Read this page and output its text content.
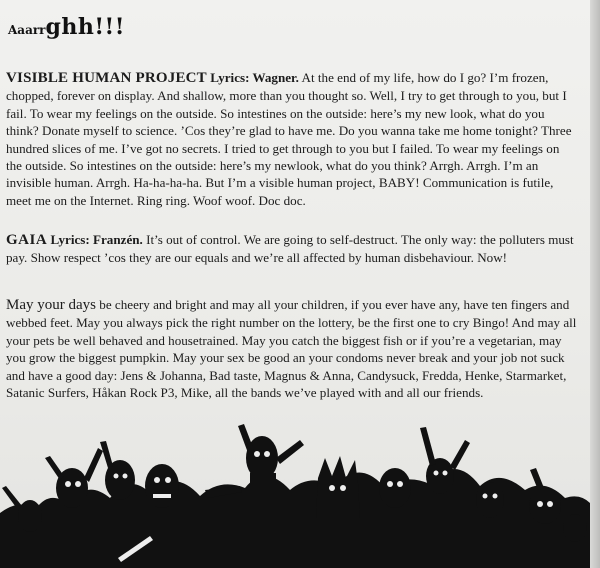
Aaarrghh!!!
VISIBLE HUMAN PROJECT Lyrics: Wagner. At the end of my life, how do I go? I’m frozen, chopped, forever on display. And shallow, more than you thought so. Well, I try to get through to you, but I fail. To wear my feelings on the outside. So intestines on the outside: here’s my new look, what do you think? Donate myself to science. ’Cos they’re glad to have me. Do you wanna take me home tonight? Three hundred slices of me. I’ve got no secrets. I tried to get through to you but I failed. To wear my feelings on the outside. So intestines on the outside: here’s my newlook, what do you think? Arrgh. Arrgh. I’m an invisible human. Arrgh. Ha-ha-ha-ha. But I’m a visible human project, BABY! Communication is futile, meet me on the Internet. Ring ring. Woof woof. Doc doc.
GAIA Lyrics: Franzén. It’s out of control. We are going to self-destruct. The only way: the polluters must pay. Show respect ’cos they are our equals and we’re all affected by human disbehaviour. Now!
May your days be cheery and bright and may all your children, if you ever have any, have ten fingers and webbed feet. May you always pick the right number on the lottery, be the first one to cry Bingo! And may all your pets be well behaved and housetrained. May you catch the biggest fish or if you’re a vegetarian, may you grow the biggest pumpkin. May your sex be good an your condoms never break and your job not suck and have a good day: Jens & Johanna, Bad taste, Magnus & Anna, Candysuck, Fredda, Henke, Starmarket, Satanic Surfers, Håkan Rock P3, Mike, all the bands we’ve played with and all our friends.
